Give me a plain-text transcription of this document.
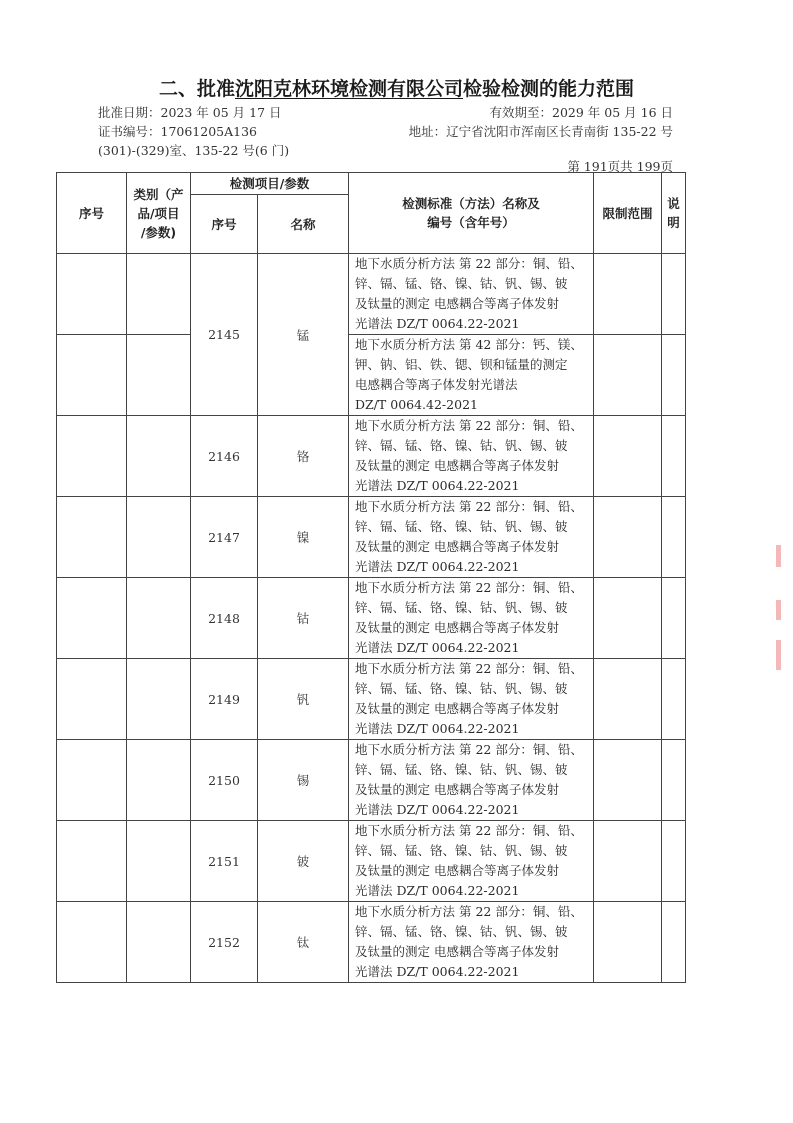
二、批准沈阳克林环境检测有限公司检验检测的能力范围
批准日期：2023 年 05 月 17 日	有效期至：2029 年 05 月 16 日
证书编号：17061205A136	地址：辽宁省沈阳市浑南区长青南街 135-22 号
(301)-(329)室、135-22 号(6 门)
第 191页共 199页
序号	类别（产
品/项目
/参数)	检测项目/参数		检测标准（方法）名称及
编号（含年号）	限制范围	说明
		序号	名称			
		2145	锰	地下水质分析方法 第 22 部分：铜、铅、
锌、镉、锰、铬、镍、钴、钒、锡、铍
及钛量的测定 电感耦合等离子体发射
光谱法 DZ/T 0064.22-2021		

				地下水质分析方法 第 42 部分：钙、镁、
钾、钠、铝、铁、锶、钡和锰量的测定
电感耦合等离子体发射光谱法
DZ/T 0064.42-2021		

		2146	铬	地下水质分析方法 第 22 部分：铜、铅、
锌、镉、锰、铬、镍、钴、钒、锡、铍
及钛量的测定 电感耦合等离子体发射
光谱法 DZ/T 0064.22-2021		

		2147	镍	地下水质分析方法 第 22 部分：铜、铅、
锌、镉、锰、铬、镍、钴、钒、锡、铍
及钛量的测定 电感耦合等离子体发射
光谱法 DZ/T 0064.22-2021		

		2148	钴	地下水质分析方法 第 22 部分：铜、铅、
锌、镉、锰、铬、镍、钴、钒、锡、铍
及钛量的测定 电感耦合等离子体发射
光谱法 DZ/T 0064.22-2021		

		2149	钒	地下水质分析方法 第 22 部分：铜、铅、
锌、镉、锰、铬、镍、钴、钒、锡、铍
及钛量的测定 电感耦合等离子体发射
光谱法 DZ/T 0064.22-2021		

		2150	锡	地下水质分析方法 第 22 部分：铜、铅、
锌、镉、锰、铬、镍、钴、钒、锡、铍
及钛量的测定 电感耦合等离子体发射
光谱法 DZ/T 0064.22-2021		

		2151	铍	地下水质分析方法 第 22 部分：铜、铅、
锌、镉、锰、铬、镍、钴、钒、锡、铍
及钛量的测定 电感耦合等离子体发射
光谱法 DZ/T 0064.22-2021		

		2152	钛	地下水质分析方法 第 22 部分：铜、铅、
锌、镉、锰、铬、镍、钴、钒、锡、铍
及钛量的测定 电感耦合等离子体发射
光谱法 DZ/T 0064.22-2021		
